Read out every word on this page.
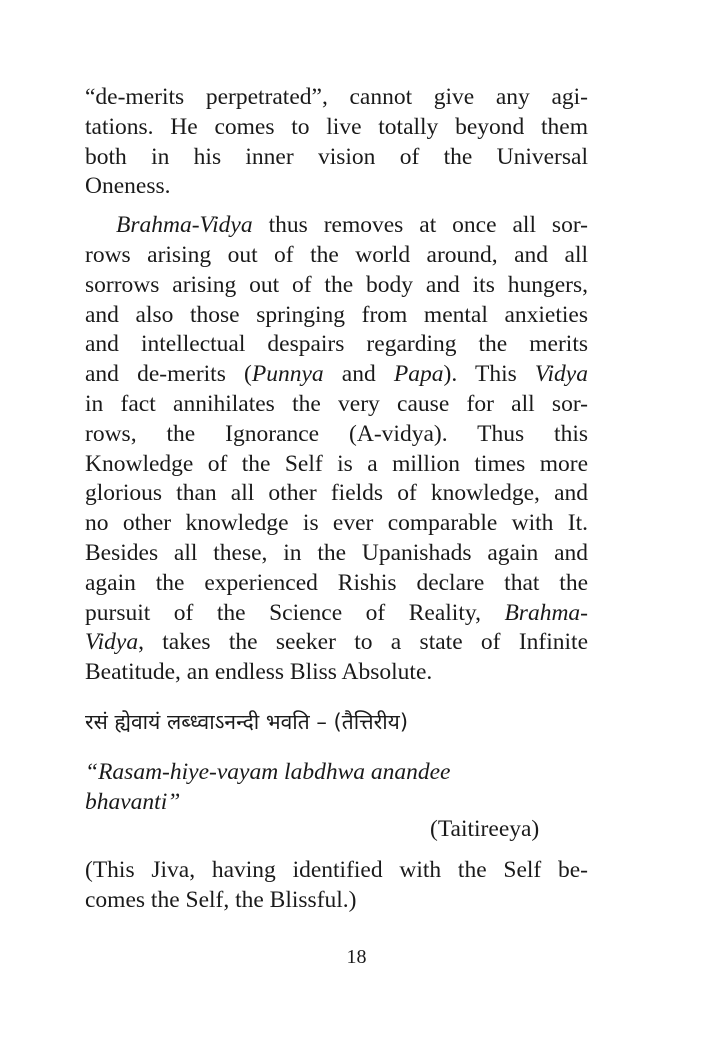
“de-merits perpetrated”, cannot give any agi-
tations. He comes to live totally beyond them
both in his inner vision of the Universal
Oneness.

Brahma-Vidya thus removes at once all sor-
rows arising out of the world around, and all
sorrows arising out of the body and its hungers,
and also those springing from mental anxieties
and intellectual despairs regarding the merits
and de-merits (Punnya and Papa). This Vidya
in fact annihilates the very cause for all sor-
rows, the Ignorance (A-vidya). Thus this
Knowledge of the Self is a million times more
glorious than all other fields of knowledge, and
no other knowledge is ever comparable with It.
Besides all these, in the Upanishads again and
again the experienced Rishis declare that the
pursuit of the Science of Reality, Brahma-
Vidya, takes the seeker to a state of Infinite
Beatitude, an endless Bliss Absolute.

रसं ह्येवायं लब्ध्वाऽनन्दी भवति – (तैत्तिरीय)
“Rasam-hiye-vayam labdhwa anandee
bhavanti”
(Taitireeya)
(This Jiva, having identified with the Self be-
comes the Self, the Blissful.)
18
